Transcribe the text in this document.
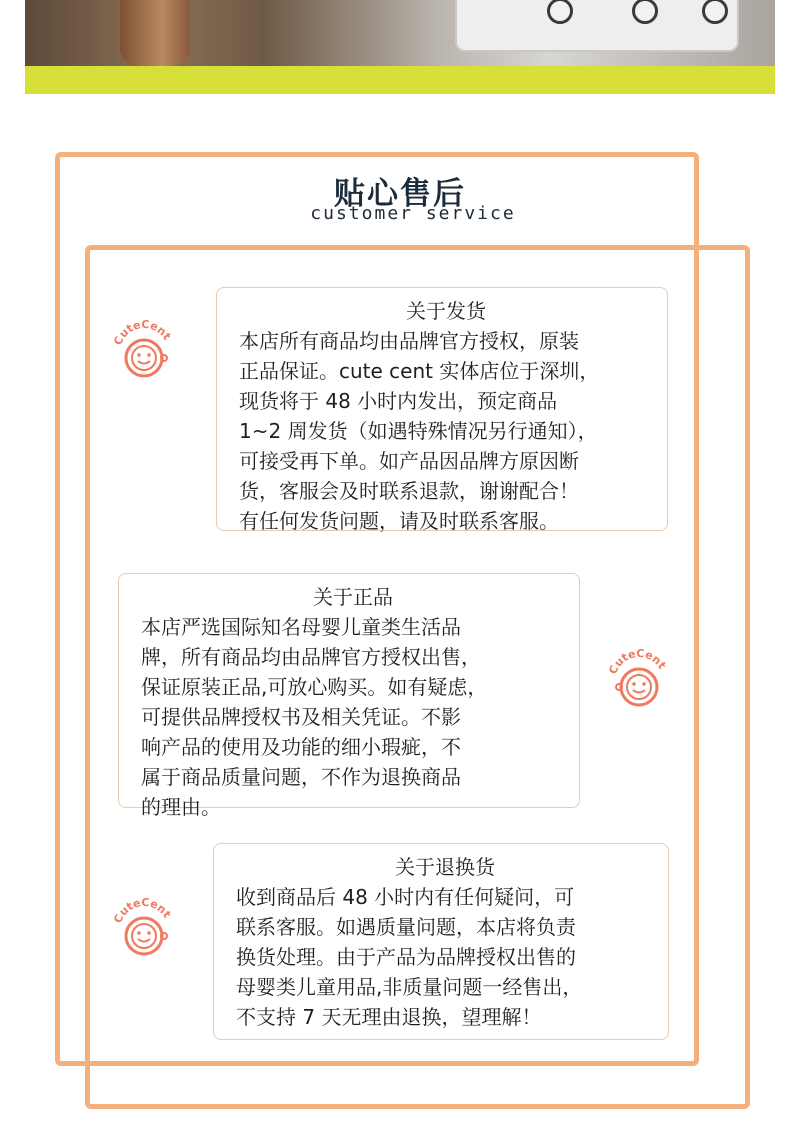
贴心售后
customer service
关于发货
本店所有商品均由品牌官方授权，原装
正品保证。cute cent 实体店位于深圳，
现货将于 48 小时内发出，预定商品
1~2 周发货（如遇特殊情况另行通知），
可接受再下单。如产品因品牌方原因断
货，客服会及时联系退款，谢谢配合！
有任何发货问题，请及时联系客服。
关于正品
本店严选国际知名母婴儿童类生活品
牌，所有商品均由品牌官方授权出售，
保证原装正品,可放心购买。如有疑虑，
可提供品牌授权书及相关凭证。不影
响产品的使用及功能的细小瑕疵，不
属于商品质量问题，不作为退换商品
的理由。
关于退换货
收到商品后 48 小时内有任何疑问，可
联系客服。如遇质量问题，本店将负责
换货处理。由于产品为品牌授权出售的
母婴类儿童用品,非质量问题一经售出，
不支持 7 天无理由退换，望理解！
CuteCent
CuteCent
CuteCent
